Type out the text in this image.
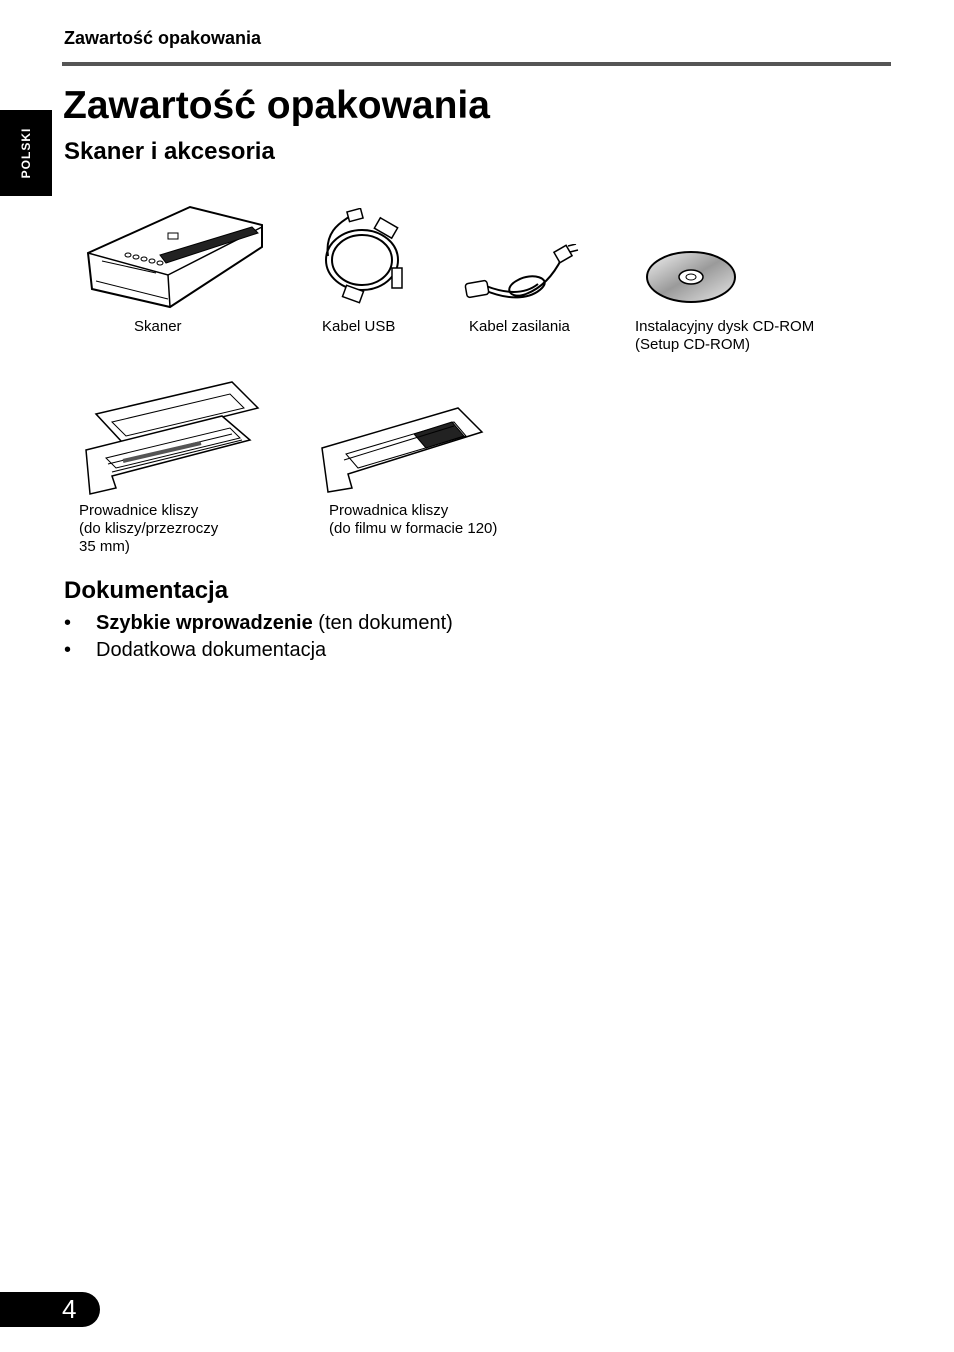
Zawartość opakowania
POLSKI
Zawartość opakowania
Skaner i akcesoria
Skaner	Kabel USB	Kabel zasilania	Instalacyjny dysk CD-ROM
(Setup CD-ROM)
Prowadnice kliszy
(do kliszy/przezroczy
35 mm)
Prowadnica kliszy
(do filmu w formacie 120)
Dokumentacja
• Szybkie wprowadzenie (ten dokument)
• Dodatkowa dokumentacja
4
